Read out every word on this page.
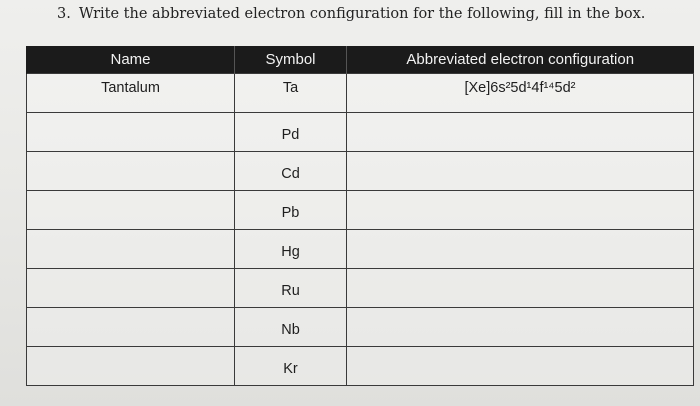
3. Write the abbreviated electron configuration for the following, fill in the box.
Name	Symbol	Abbreviated electron configuration
Tantalum	Ta	[Xe]6s²5d¹4f¹⁴5d²
	Pd	
	Cd	
	Pb	
	Hg	
	Ru	
	Nb	
	Kr	
